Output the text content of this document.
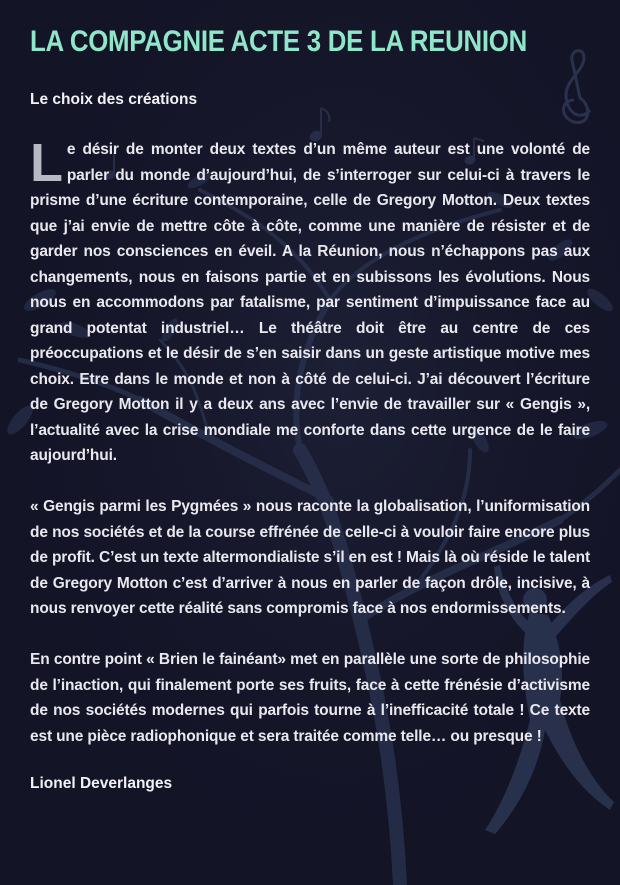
LA COMPAGNIE ACTE 3 DE LA REUNION
Le choix des créations

Le désir de monter deux textes d’un même auteur est une volonté de parler du monde d’aujourd’hui, de s’interroger sur celui-ci à travers le prisme d’une écriture contemporaine, celle de Gregory Motton. Deux textes que j’ai envie de mettre côte à côte, comme une manière de résister et de garder nos consciences en éveil. A la Réunion, nous n’échappons pas aux changements, nous en faisons partie et en subissons les évolutions. Nous nous en accommodons par fatalisme, par sentiment d’impuissance face au grand potentat industriel… Le théâtre doit être au centre de ces préoccupations et le désir de s’en saisir dans un geste artistique motive mes choix. Etre dans le monde et non à côté de celui-ci. J’ai découvert l’écriture de Gregory Motton il y a deux ans avec l’envie de travailler sur « Gengis », l’actualité avec la crise mondiale me conforte dans cette urgence de le faire aujourd’hui.

« Gengis parmi les Pygmées » nous raconte la globalisation, l’uniformisation de nos sociétés et de la course effrénée de celle-ci à vouloir faire encore plus de profit. C’est un texte altermondialiste s’il en est ! Mais là où réside le talent de Gregory Motton c’est d’arriver à nous en parler de façon drôle, incisive, à nous renvoyer cette réalité sans compromis face à nos endormissements.

En contre point « Brien le fainéant» met en parallèle une sorte de philosophie de l’inaction, qui finalement porte ses fruits, face à cette frénésie d’activisme de nos sociétés modernes qui parfois tourne à l’inefficacité totale ! Ce texte est une pièce radiophonique et sera traitée comme telle… ou presque !

Lionel Deverlanges
